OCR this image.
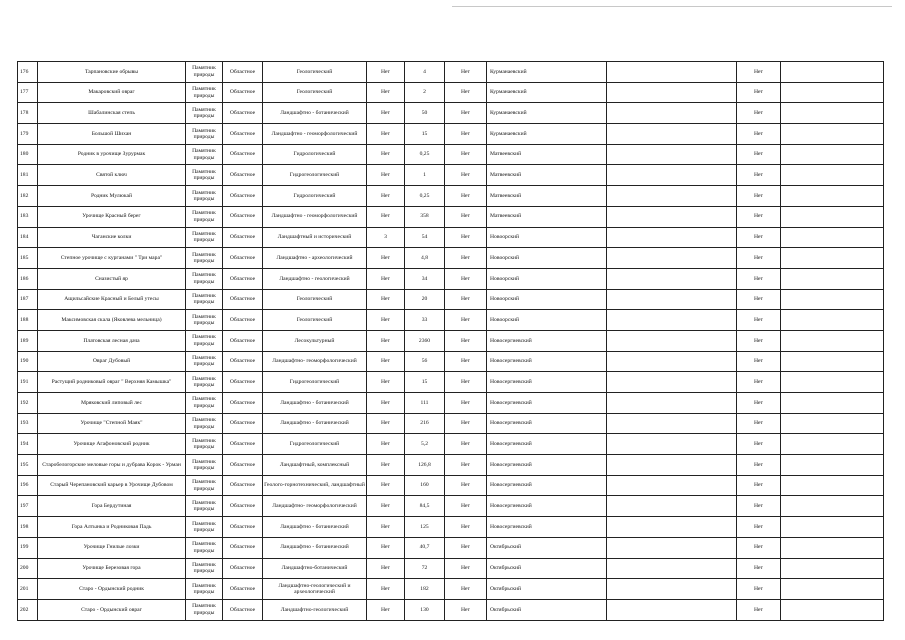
176	Тарпановские обрывы	Памятник природы	Областное	Геологический	Нет	4	Нет	Курманаевский		Нет	
177	Макаровский овраг	Памятник природы	Областное	Геологический	Нет	2	Нет	Курманаевский		Нет	
178	Шабалинская степь	Памятник природы	Областное	Ландшафтно - ботанический	Нет	50	Нет	Курманаевский		Нет	
179	Большой Шихан	Памятник природы	Областное	Ландшафтно - геоморфологический	Нет	15	Нет	Курманаевский		Нет	
180	Родник в урочище Зурурмак	Памятник природы	Областное	Гидрологический	Нет	0,25	Нет	Матвеевский		Нет	
181	Святой ключ	Памятник природы	Областное	Гидрогеологический	Нет	1	Нет	Матвеевский		Нет	
182	Родник Мулюкай	Памятник природы	Областное	Гидрологический	Нет	0,25	Нет	Матвеевский		Нет	
183	Урочище Красный берег	Памятник природы	Областное	Ландшафтно - геоморфологический	Нет	358	Нет	Матвеевский		Нет	
184	Чаганские колки	Памятник природы	Областное	Ландшафтный и исторический	3	54	Нет	Новоорский		Нет	
185	Степное урочище с курганами " Три мара"	Памятник природы	Областное	Ландшафтно - археологический	Нет	4,8	Нет	Новоорский		Нет	
186	Сназистый яр	Памятник природы	Областное	Ландшафтно - геологический	Нет	34	Нет	Новоорский		Нет	
187	Ащильсайские Красный и Белый утесы	Памятник природы	Областное	Геологический	Нет	20	Нет	Новоорский		Нет	
188	Максимовская скала (Яковлева мельница)	Памятник природы	Областное	Геологический	Нет	33	Нет	Новоорский		Нет	
189	Платовская лесная дача	Памятник природы	Областное	Лесокультурный	Нет	2360	Нет	Новосергиевский		Нет	
190	Овраг Дубовый	Памятник природы	Областное	Ландшафтно- геоморфологический	Нет	56	Нет	Новосергиевский		Нет	
191	Растущий родниковый овраг " Верхняя Камышка"	Памятник природы	Областное	Гидрогеологический	Нет	15	Нет	Новосергиевский		Нет	
192	Мряковский липовый лес	Памятник природы	Областное	Ландшафтно - ботанический	Нет	111	Нет	Новосергиевский		Нет	
193	Урочище "Степной Маяк"	Памятник природы	Областное	Ландшафтно - ботанический	Нет	216	Нет	Новосергиевский		Нет	
194	Урочище Агафоновский родник	Памятник природы	Областное	Гидрогеологический	Нет	5,2	Нет	Новосергиевский		Нет	
195	Старобелогорские меловые горы и дубрава Корок - Урман	Памятник природы	Областное	Ландшафтный, комплексный	Нет	126,8	Нет	Новосергиевский		Нет	
196	Старый Черепановский карьер в Урочище Дубовом	Памятник природы	Областное	Геолого-горнотехнический, ландшафтный	Нет	160	Нет	Новосергиевский		Нет	
197	Гора Бердутиная	Памятник природы	Областное	Ландшафтно- геоморфологический	Нет	84,5	Нет	Новосергиевский		Нет	
198	Гора Алтынка и Родниковая Падь	Памятник природы	Областное	Ландшафтно - ботанический	Нет	125	Нет	Новосергиевский		Нет	
199	Урочище Гнилые лозки	Памятник природы	Областное	Ландшафтно - ботанический	Нет	40,7	Нет	Октябрьский		Нет	
200	Урочище Березовая гора	Памятник природы	Областное	Ландшафтно-ботанический	Нет	72	Нет	Октябрьский		Нет	
201	Старо - Ордынский родник	Памятник природы	Областное	Ландшафтно-геологический и археологический	Нет	182	Нет	Октябрьский		Нет	
202	Старо - Ордынский овраг	Памятник природы	Областное	Ландшафтно-геологический	Нет	130	Нет	Октябрьский		Нет	
